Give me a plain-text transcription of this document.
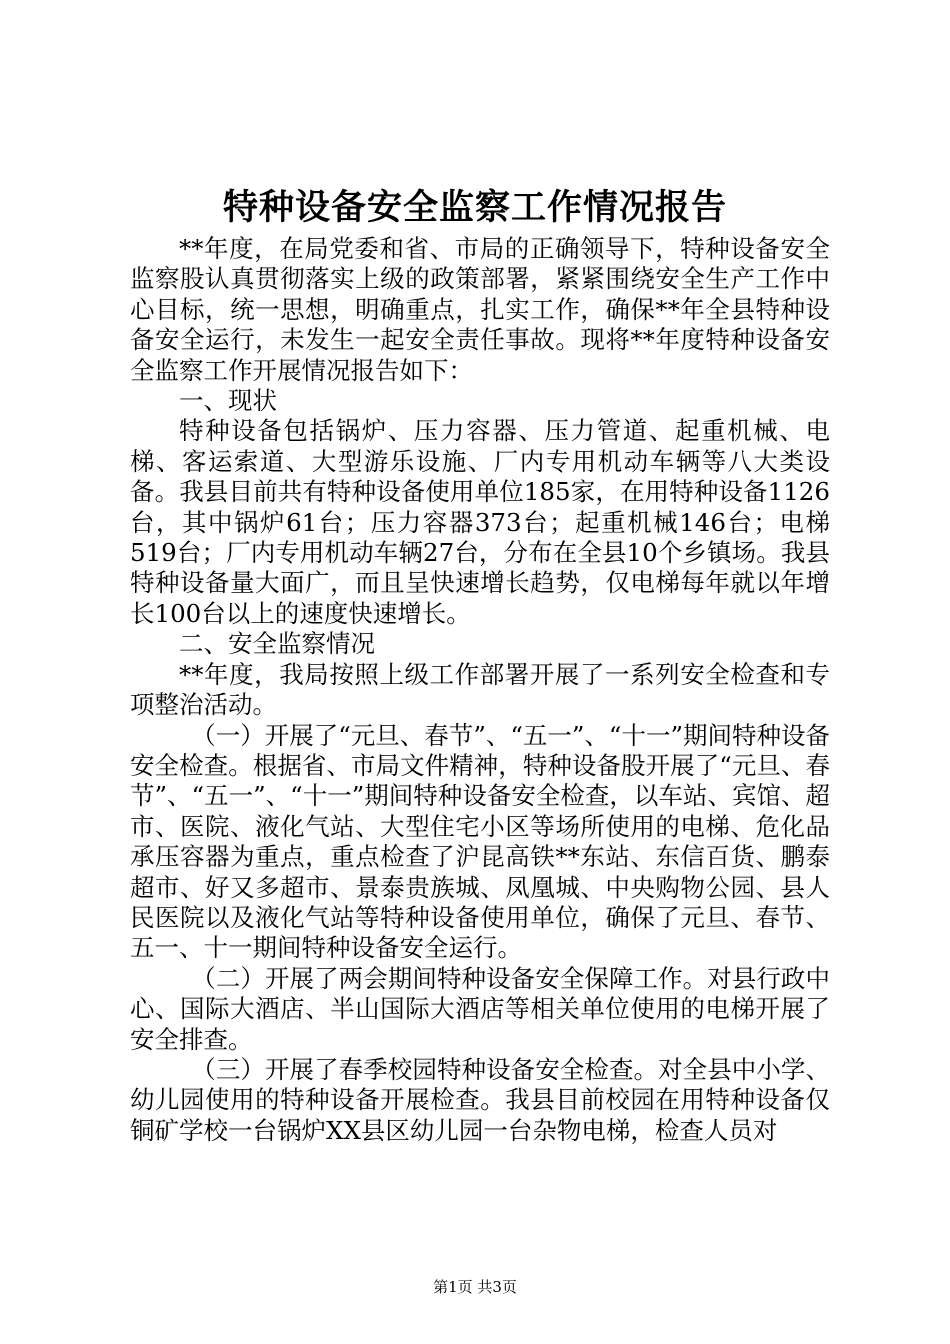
特种设备安全监察工作情况报告

**年度，在局党委和省、市局的正确领导下，特种设备安全监察股认真贯彻落实上级的政策部署，紧紧围绕安全生产工作中心目标，统一思想，明确重点，扎实工作，确保**年全县特种设备安全运行，未发生一起安全责任事故。现将**年度特种设备安全监察工作开展情况报告如下：

一、现状

特种设备包括锅炉、压力容器、压力管道、起重机械、电梯、客运索道、大型游乐设施、厂内专用机动车辆等八大类设备。我县目前共有特种设备使用单位185家，在用特种设备1126台，其中锅炉61台；压力容器373台；起重机械146台；电梯519台；厂内专用机动车辆27台，分布在全县10个乡镇场。我县特种设备量大面广，而且呈快速增长趋势，仅电梯每年就以年增长100台以上的速度快速增长。

二、安全监察情况

**年度，我局按照上级工作部署开展了一系列安全检查和专项整治活动。

（一）开展了“元旦、春节”、“五一”、“十一”期间特种设备安全检查。根据省、市局文件精神，特种设备股开展了“元旦、春节”、“五一”、“十一”期间特种设备安全检查，以车站、宾馆、超市、医院、液化气站、大型住宅小区等场所使用的电梯、危化品承压容器为重点，重点检查了沪昆高铁**东站、东信百货、鹏泰超市、好又多超市、景泰贵族城、凤凰城、中央购物公园、县人民医院以及液化气站等特种设备使用单位，确保了元旦、春节、五一、十一期间特种设备安全运行。

（二）开展了两会期间特种设备安全保障工作。对县行政中心、国际大酒店、半山国际大酒店等相关单位使用的电梯开展了安全排查。

（三）开展了春季校园特种设备安全检查。对全县中小学、幼儿园使用的特种设备开展检查。我县目前校园在用特种设备仅铜矿学校一台锅炉XX县区幼儿园一台杂物电梯，检查人员对

第1页 共3页
